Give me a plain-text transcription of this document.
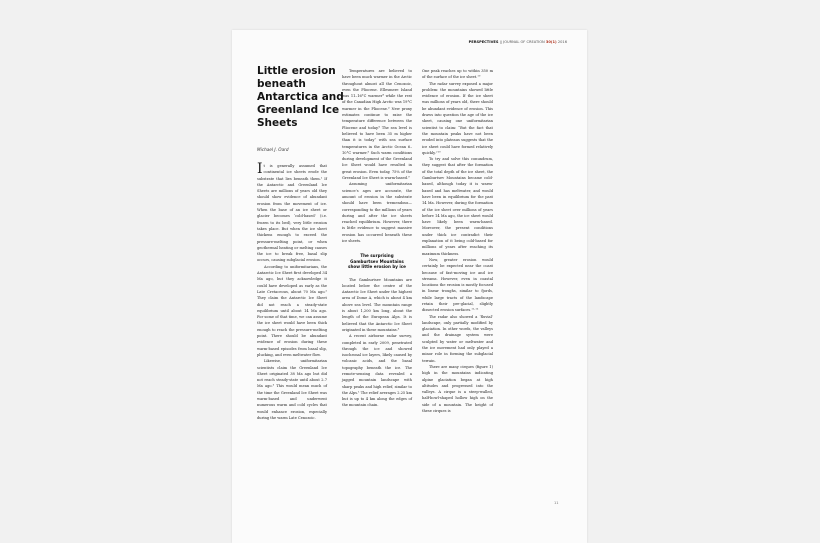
PERSPECTIVES || JOURNAL OF CREATION 30(1) 2016
Little erosion beneath Antarctica and Greenland Ice Sheets
Michael J. Oard

It is generally assumed that continental ice sheets erode the substrate that lies beneath them.¹ If the Antarctic and Greenland Ice Sheets are millions of years old they should show evidence of abundant erosion from the movement of ice. When the base of an ice sheet or glacier becomes ‘cold-based’ (i.e. frozen to its bed), very little erosion takes place. But when the ice sheet thickens enough to exceed the pressure-melting point, or when geothermal heating or melting causes the ice to break free, basal slip occurs, causing subglacial erosion.

According to uniformitarians, the Antarctic Ice Sheet first developed 34 Ma ago, but they acknowledge it could have developed as early as the Late Cretaceous, about 70 Ma ago.² They claim the Antarctic Ice Sheet did not reach a steady-state equilibrium until about 14 Ma ago. For some of that time, we can assume the ice sheet would have been thick enough to reach the pressure-melting point. There should be abundant evidence of erosion during these warm-based episodes from basal slip, plucking, and even meltwater flow.

Likewise, uniformitarian scientists claim the Greenland Ice Sheet originated 38 Ma ago but did not reach steady-state until about 2.7 Ma ago.³ This would mean much of the time the Greenland Ice Sheet was warm-based and underwent numerous warm and cold cycles that would enhance erosion, especially during the warm Late Cenozoic.

Temperatures are believed to have been much warmer in the Arctic throughout almost all the Cenozoic, even the Pliocene. Ellesmere Island was 11–16°C warmer⁴ while the rest of the Canadian High Arctic was 19°C warmer in the Pliocene.⁵ New proxy estimates continue to raise the temperature difference between the Pliocene and today.⁶ The sea level is believed to have been 35 m higher than it is today⁷ with sea surface temperatures in the Arctic Ocean 6–10°C warmer.⁸ Such warm conditions during development of the Greenland Ice Sheet would have resulted in great erosion. Even today, 75% of the Greenland Ice Sheet is warm-based.⁹

Assuming uniformitarian science’s ages are accurate, the amount of erosion in the substrate should have been tremendous—corresponding to the millions of years during and after the ice sheets reached equilibrium. However, there is little evidence to suggest massive erosion has occurred beneath these ice sheets.

The surprising Gamburtsev Mountains show little erosion by ice

The Gamburtsev Mountains are located below the centre of the Antarctic Ice Sheet under the highest area of Dome A, which is about 4 km above sea level. The mountain range is about 1,200 km long, about the length of the European Alps. It is believed that the Antarctic Ice Sheet originated in these mountains.⁸

A recent airborne radar survey, completed in early 2009, penetrated through the ice and showed isochronal ice layers, likely caused by volcanic acids, and the basal topography beneath the ice. The remote-sensing data revealed a jagged mountain landscape with sharp peaks and high relief, similar to the Alps.¹ The relief averages 2.25 km but is up to 4 km along the edges of the mountain chain.

One peak reaches up to within 350 m of the surface of the ice sheet.¹⁰

The radar survey exposed a major problem: the mountains showed little evidence of erosion. If the ice sheet was millions of years old, there should be abundant evidence of erosion. This draws into question the age of the ice sheet, causing one uniformitarian scientist to claim: “But the fact that the mountain peaks have not been eroded into plateaus suggests that the ice sheet could have formed relatively quickly.”¹⁰

To try and solve this conundrum, they suggest that after the formation of the total depth of the ice sheet, the Gamburtsev Mountains became cold-based, although today it is warm-based and has meltwater, and would have been in equilibrium for the past 14 Ma. However, during the formation of the ice sheet over millions of years before 14 Ma ago, the ice sheet would have likely been warm-based. Moreover, the present conditions under thick ice contradict their explanation of it being cold-based for millions of years after reaching its maximum thickness.

Now, greater erosion would certainly be expected near the coast because of fast-moving ice and ice streams. However, even in coastal locations the erosion is mostly focused in linear troughs, similar to fjords, while large tracts of the landscape retain their pre-glacial, slightly dissected erosion surfaces.¹¹·¹²

The radar also showed a ‘fluvial’ landscape, only partially modified by glaciation. In other words, the valleys and the drainage system were sculpted by water or meltwater and the ice movement had only played a minor role in forming the subglacial terrain.

There are many cirques (figure 1) high in the mountains indicating alpine glaciation began at high altitudes and progressed into the valleys. A cirque is a steep-walled, half-bowl-shaped hollow high on the side of a mountain. The height of these cirques is

11
